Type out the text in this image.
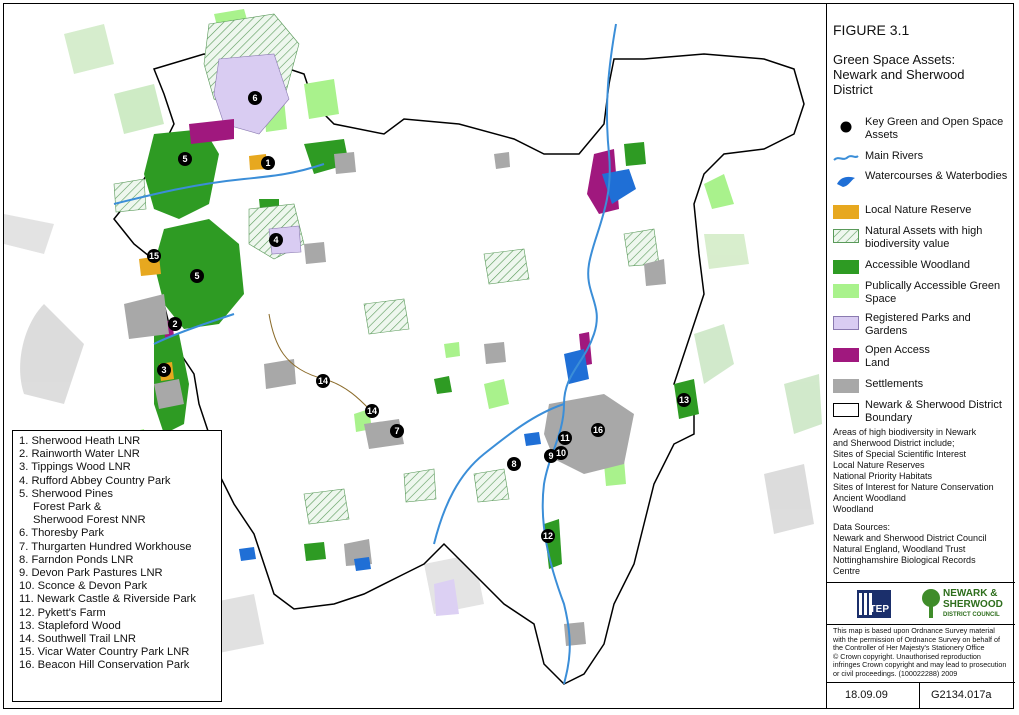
1
2
3
4
5
5
6
7
8
9 10
11
12
13
14
14
15
16
1. Sherwood Heath LNR
2. Rainworth Water LNR
3. Tippings Wood LNR
4. Rufford Abbey Country Park
5. Sherwood Pines
Forest Park &
Sherwood Forest NNR
6. Thoresby Park
7. Thurgarten Hundred Workhouse
8. Farndon Ponds LNR
9. Devon Park Pastures LNR
10. Sconce & Devon Park
11. Newark Castle & Riverside Park
12. Pykett's Farm
13. Stapleford Wood
14. Southwell Trail LNR
15. Vicar Water Country Park LNR
16. Beacon Hill Conservation Park
FIGURE 3.1
Green Space Assets:
Newark and Sherwood
District
Key Green and Open Space Assets
Main Rivers
Watercourses & Waterbodies
Local Nature Reserve
Natural Assets with high biodiversity value
Accessible Woodland
Publically Accessible Green Space
Registered Parks and Gardens
Open Access Land
Settlements
Newark & Sherwood District Boundary
Areas of high biodiversity in Newark
and Sherwood District include;
Sites of Special Scientific Interest
Local Nature Reserves
National Priority Habitats
Sites of Interest for Nature Conservation
Ancient Woodland
Woodland
Data Sources:
Newark and Sherwood District Council
Natural England, Woodland Trust
Nottinghamshire Biological Records
Centre
TEP
NEWARK &
SHERWOOD
DISTRICT COUNCIL
This map is based upon Ordnance Survey material
with the permission of Ordnance Survey on behalf of
the Controller of Her Majesty's Stationery Office
© Crown copyright. Unauthorised reproduction
infringes Crown copyright and may lead to prosecution
or civil proceedings. (100022288) 2009
18.09.09	G2134.017a
